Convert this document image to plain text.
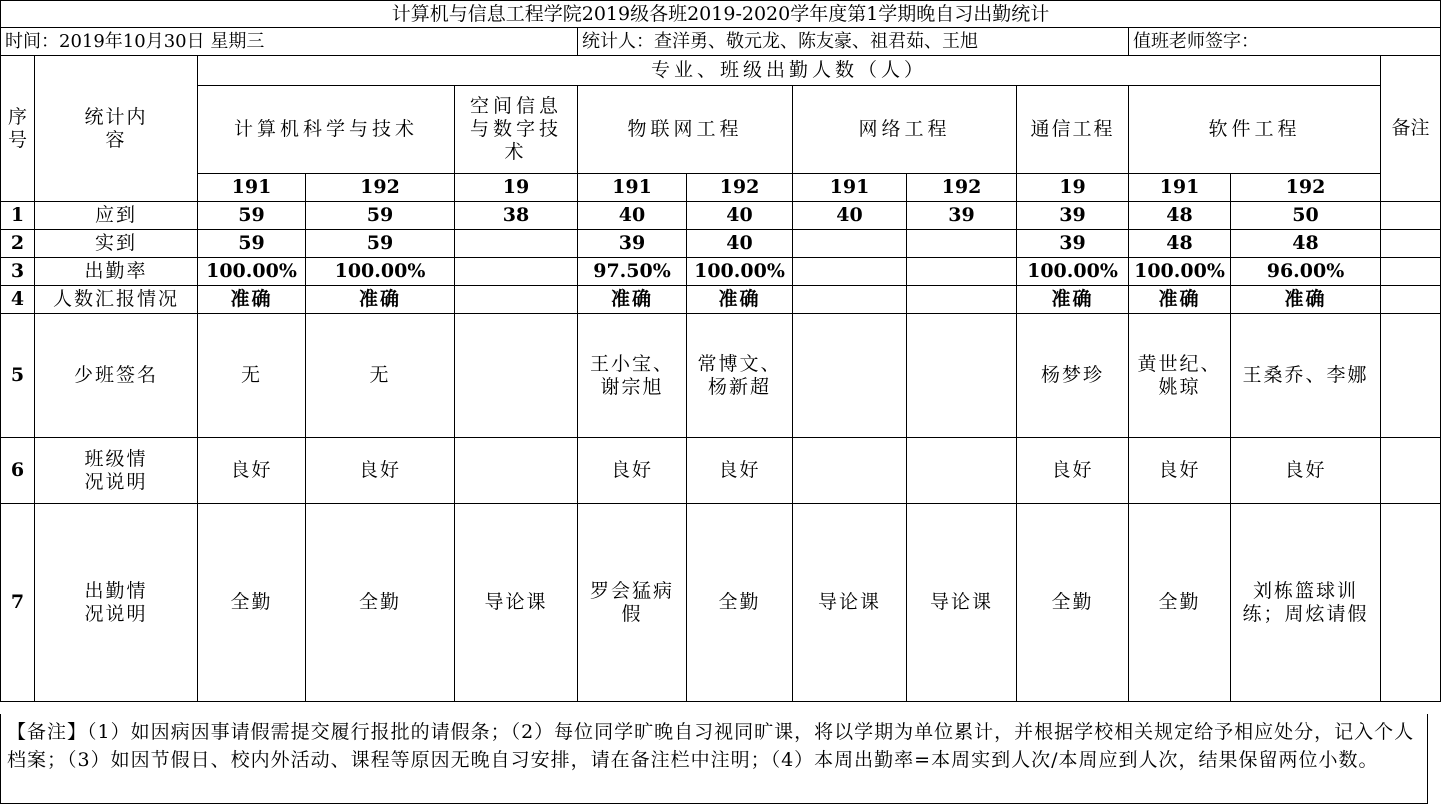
计算机与信息工程学院2019级各班2019-2020学年度第1学期晚自习出勤统计												
时间：2019年10月30日 星期三					统计人：查洋勇、敬元龙、陈友豪、祖君茹、王旭					值班老师签字：		
序号	统计内容	专业、班级出勤人数（人）										备注
		计算机科学与技术		空间信息与数字技术	物联网工程		网络工程		通信工程	软件工程		
		191	192	19	191	192	191	192	19	191	192	
1	应到	59	59	38	40	40	40	39	39	48	50	
2	实到	59	59		39	40			39	48	48	
3	出勤率	100.00%	100.00%		97.50%	100.00%			100.00%	100.00%	96.00%	
4	人数汇报情况	准确	准确		准确	准确			准确	准确	准确	
5	少班签名	无	无		王小宝、谢宗旭	常博文、杨新超			杨梦珍	黄世纪、姚琼	王桑乔、李娜	
6	班级情况说明	良好	良好		良好	良好			良好	良好	良好	
7	出勤情况说明	全勤	全勤	导论课	罗会猛病假	全勤	导论课	导论课	全勤	全勤	刘栋篮球训练；周炫请假	
【备注】（1）如因病因事请假需提交履行报批的请假条；（2）每位同学旷晚自习视同旷课，将以学期为单位累计，并根据学校相关规定给予相应处分，记入个人档案；（3）如因节假日、校内外活动、课程等原因无晚自习安排，请在备注栏中注明；（4）本周出勤率=本周实到人次/本周应到人次，结果保留两位小数。
